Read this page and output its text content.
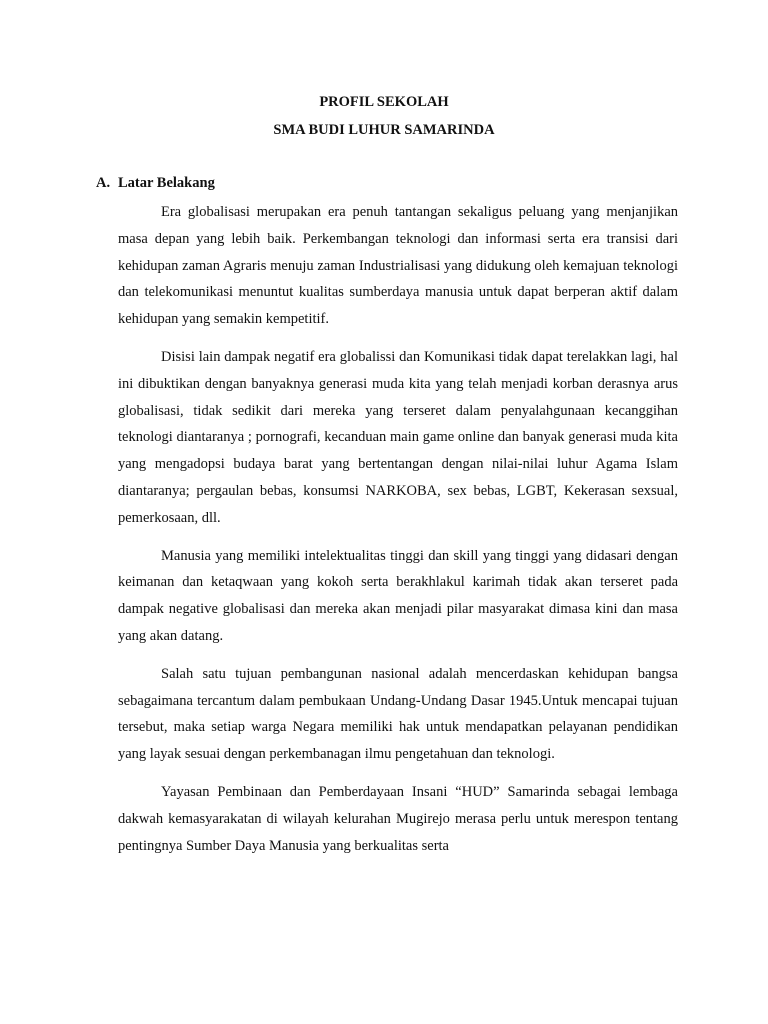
PROFIL SEKOLAH
SMA BUDI LUHUR SAMARINDA
A. Latar Belakang

Era globalisasi merupakan era penuh tantangan sekaligus peluang yang menjanjikan masa depan yang lebih baik. Perkembangan teknologi dan informasi serta era transisi dari kehidupan zaman Agraris menuju zaman Industrialisasi yang didukung oleh kemajuan teknologi dan telekomunikasi menuntut kualitas sumberdaya manusia untuk dapat berperan aktif dalam kehidupan yang semakin kempetitif.

Disisi lain dampak negatif era globalissi dan Komunikasi tidak dapat terelakkan lagi, hal ini dibuktikan dengan banyaknya generasi muda kita yang telah menjadi korban derasnya arus globalisasi, tidak sedikit dari mereka yang terseret dalam penyalahgunaan kecanggihan teknologi diantaranya ; pornografi, kecanduan main game online dan banyak generasi muda kita yang mengadopsi budaya barat yang bertentangan dengan nilai-nilai luhur Agama Islam diantaranya; pergaulan bebas, konsumsi NARKOBA, sex bebas, LGBT, Kekerasan sexsual, pemerkosaan, dll.

Manusia yang memiliki intelektualitas tinggi dan skill yang tinggi yang didasari dengan keimanan dan ketaqwaan yang kokoh serta berakhlakul karimah tidak akan terseret pada dampak negative globalisasi dan mereka akan menjadi pilar masyarakat dimasa kini dan masa yang akan datang.

Salah satu tujuan pembangunan nasional adalah mencerdaskan kehidupan bangsa sebagaimana tercantum dalam pembukaan Undang-Undang Dasar 1945.Untuk mencapai tujuan tersebut, maka setiap warga Negara memiliki hak untuk mendapatkan pelayanan pendidikan yang layak sesuai dengan perkembanagan ilmu pengetahuan dan teknologi.

Yayasan Pembinaan dan Pemberdayaan Insani “HUD” Samarinda sebagai lembaga dakwah kemasyarakatan di wilayah kelurahan Mugirejo merasa perlu untuk merespon tentang pentingnya Sumber Daya Manusia yang berkualitas serta
